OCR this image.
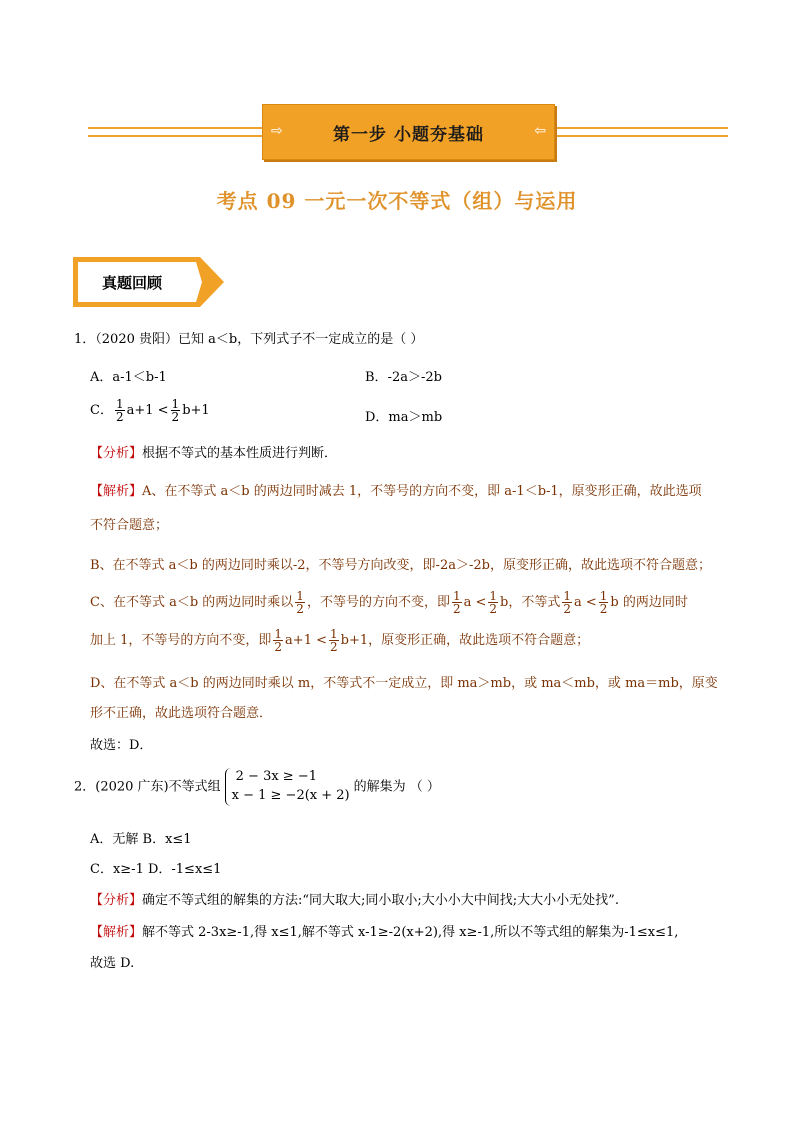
⇨	第一步 小题夯基础	⇦
考点 09 一元一次不等式（组）与运用
真题回顾
1．（2020 贵阳）已知 a＜b，下列式子不一定成立的是（ ）
A．a-1＜b-1	B．-2a＞-2b
C． $\frac{1}{2} a+1 < \frac{1}{2} b+1$	D．ma＞mb
【分析】根据不等式的基本性质进行判断．
【解析】A、在不等式 a＜b 的两边同时减去 1，不等号的方向不变，即 a-1＜b-1，原变形正确，故此选项
不符合题意；
B、在不等式 a＜b 的两边同时乘以-2，不等号方向改变，即-2a＞-2b，原变形正确，故此选项不符合题意；
C、在不等式 a＜b 的两边同时乘以 $\frac{1}{2}$ ，不等号的方向不变，即 $\frac{1}{2}$ $a < \frac{1}{2}$ b，不等式 $\frac{1}{2}$ $a < \frac{1}{2}$ b 的两边同时
加上 1，不等号的方向不变，即 $\frac{1}{2} a+1 < \frac{1}{2} b+1$，原变形正确，故此选项不符合题意；
D、在不等式 a＜b 的两边同时乘以 m，不等式不一定成立，即 ma＞mb，或 ma＜mb，或 ma＝mb，原变
形不正确，故此选项符合题意．
故选：D．
2．(2020 广东)不等式组
2 − 3x ≥ −1
x − 1 ≥ −2(x + 2)
的解集为 （ ）
A．无解 B．x≤1
C．x≥-1 D．-1≤x≤1
【分析】确定不等式组的解集的方法:“同大取大;同小取小;大小小大中间找;大大小小无处找”.
【解析】解不等式 2-3x≥-1,得 x≤1,解不等式 x-1≥-2(x+2),得 x≥-1,所以不等式组的解集为-1≤x≤1,
故选 D.
